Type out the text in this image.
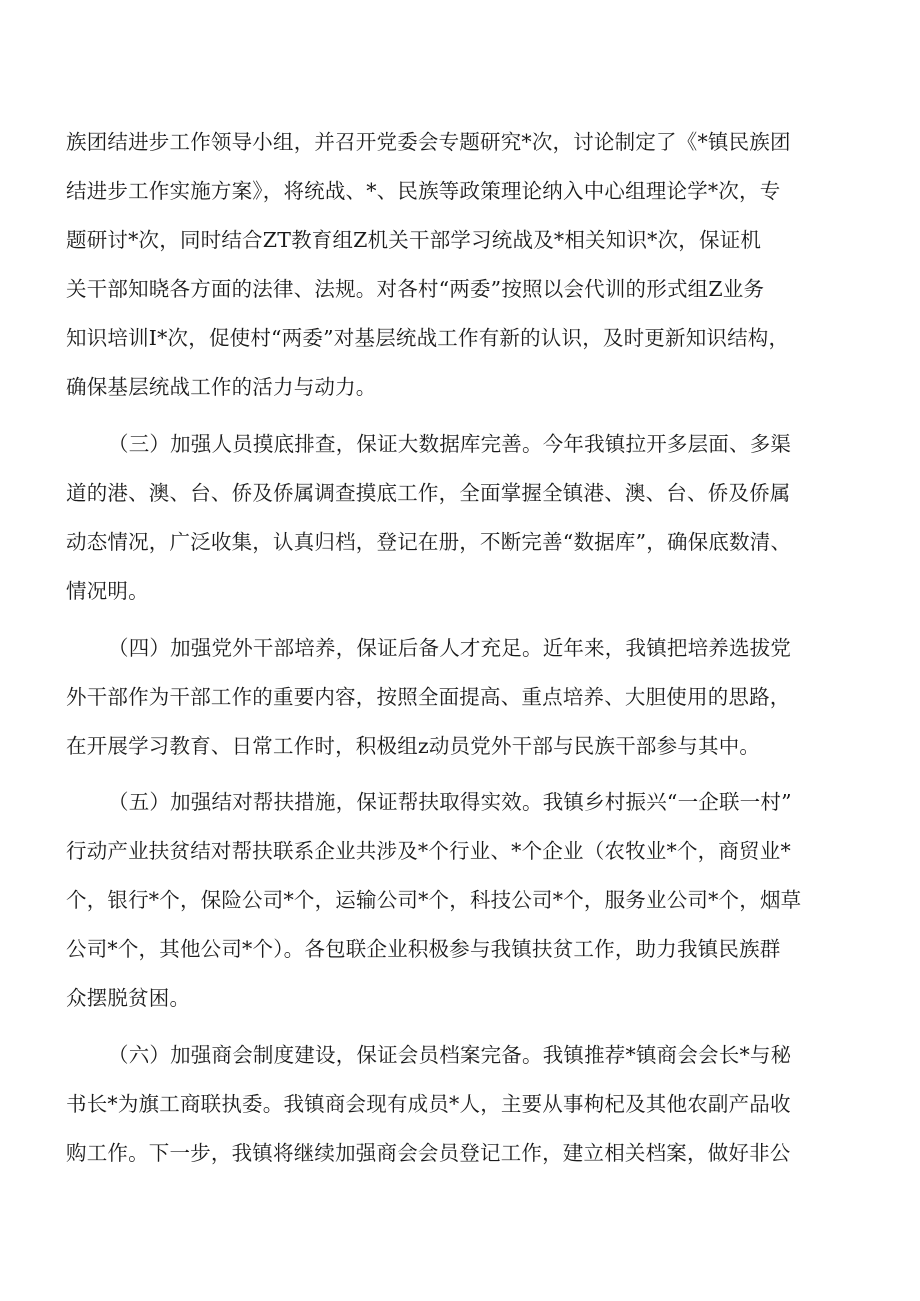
族团结进步工作领导小组，并召开党委会专题研究*次，讨论制定了《*镇民族团
结进步工作实施方案》，将统战、*、民族等政策理论纳入中心组理论学*次，专
题研讨*次，同时结合ZT教育组Z机关干部学习统战及*相关知识*次，保证机
关干部知晓各方面的法律、法规。对各村“两委”按照以会代训的形式组Z业务
知识培训I*次，促使村“两委”对基层统战工作有新的认识，及时更新知识结构，
确保基层统战工作的活力与动力。
（三）加强人员摸底排查，保证大数据库完善。今年我镇拉开多层面、多渠
道的港、澳、台、侨及侨属调查摸底工作，全面掌握全镇港、澳、台、侨及侨属
动态情况，广泛收集，认真归档，登记在册，不断完善“数据库”，确保底数清、
情况明。
（四）加强党外干部培养，保证后备人才充足。近年来，我镇把培养选拔党
外干部作为干部工作的重要内容，按照全面提高、重点培养、大胆使用的思路，
在开展学习教育、日常工作时，积极组z动员党外干部与民族干部参与其中。
（五）加强结对帮扶措施，保证帮扶取得实效。我镇乡村振兴“一企联一村”
行动产业扶贫结对帮扶联系企业共涉及*个行业、*个企业（农牧业*个，商贸业*
个，银行*个，保险公司*个，运输公司*个，科技公司*个，服务业公司*个，烟草
公司*个，其他公司*个）。各包联企业积极参与我镇扶贫工作，助力我镇民族群
众摆脱贫困。
（六）加强商会制度建设，保证会员档案完备。我镇推荐*镇商会会长*与秘
书长*为旗工商联执委。我镇商会现有成员*人，主要从事枸杞及其他农副产品收
购工作。下一步，我镇将继续加强商会会员登记工作，建立相关档案，做好非公
